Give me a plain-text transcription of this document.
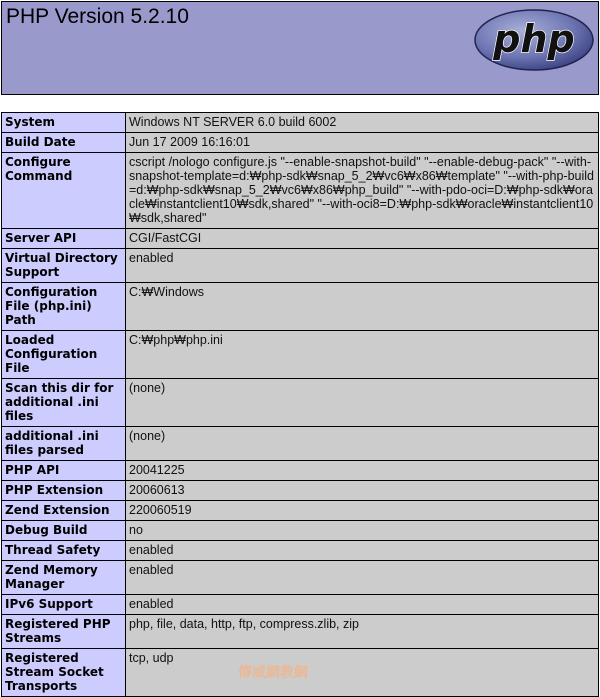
PHP Version 5.2.10
php
System	Windows NT SERVER 6.0 build 6002
Build Date	Jun 17 2009 16:16:01
Configure Command	cscript /nologo configure.js "--enable-snapshot-build" "--enable-debug-pack" "--with-snapshot-template=d:₩php-sdk₩snap_5_2₩vc6₩x86₩template" "--with-php-build=d:₩php-sdk₩snap_5_2₩vc6₩x86₩php_build" "--with-pdo-oci=D:₩php-sdk₩oracle₩instantclient10₩sdk,shared" "--with-oci8=D:₩php-sdk₩oracle₩instantclient10₩sdk,shared"
Server API	CGI/FastCGI
Virtual Directory Support	enabled
Configuration File (php.ini) Path	C:₩Windows
Loaded Configuration File	C:₩php₩php.ini
Scan this dir for additional .ini files	(none)
additional .ini files parsed	(none)
PHP API	20041225
PHP Extension	20060613
Zend Extension	220060519
Debug Build	no
Thread Safety	enabled
Zend Memory Manager	enabled
IPv6 Support	enabled
Registered PHP Streams	php, file, data, http, ftp, compress.zlib, zip
Registered Stream Socket Transports	tcp, udp
傳威網教網
